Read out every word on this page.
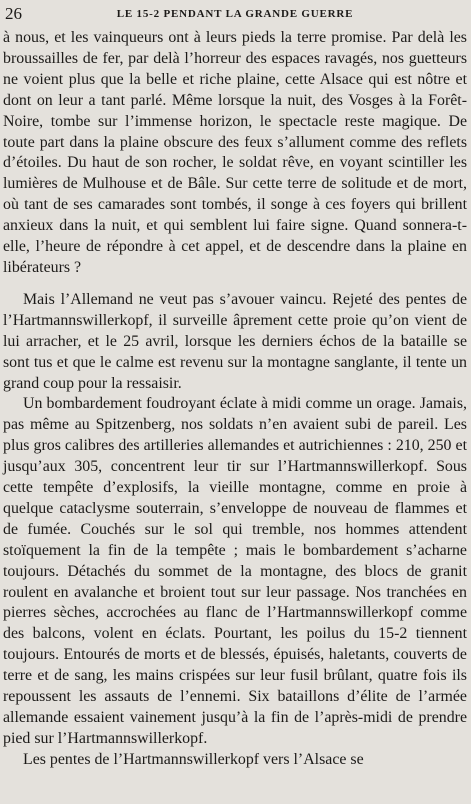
26	LE 15-2 PENDANT LA GRANDE GUERRE

à nous, et les vainqueurs ont à leurs pieds la terre promise. Par delà les broussailles de fer, par delà l’horreur des espaces ravagés, nos guetteurs ne voient plus que la belle et riche plaine, cette Alsace qui est nôtre et dont on leur a tant parlé. Même lorsque la nuit, des Vosges à la Forêt-Noire, tombe sur l’immense horizon, le spectacle reste magique. De toute part dans la plaine obscure des feux s’allument comme des reflets d’étoiles. Du haut de son rocher, le soldat rêve, en voyant scintiller les lumières de Mulhouse et de Bâle. Sur cette terre de solitude et de mort, où tant de ses camarades sont tombés, il songe à ces foyers qui brillent anxieux dans la nuit, et qui semblent lui faire signe. Quand sonnera-t-elle, l’heure de répondre à cet appel, et de descendre dans la plaine en libérateurs ?

Mais l’Allemand ne veut pas s’avouer vaincu. Rejeté des pentes de l’Hartmannswillerkopf, il surveille âprement cette proie qu’on vient de lui arracher, et le 25 avril, lorsque les derniers échos de la bataille se sont tus et que le calme est revenu sur la montagne sanglante, il tente un grand coup pour la ressaisir.

Un bombardement foudroyant éclate à midi comme un orage. Jamais, pas même au Spitzenberg, nos soldats n’en avaient subi de pareil. Les plus gros calibres des artilleries allemandes et autrichiennes : 210, 250 et jusqu’aux 305, concentrent leur tir sur l’Hartmannswillerkopf. Sous cette tempête d’explosifs, la vieille montagne, comme en proie à quelque cataclysme souterrain, s’enveloppe de nouveau de flammes et de fumée. Couchés sur le sol qui tremble, nos hommes attendent stoïquement la fin de la tempête ; mais le bombardement s’acharne toujours. Détachés du sommet de la montagne, des blocs de granit roulent en avalanche et broient tout sur leur passage. Nos tranchées en pierres sèches, accrochées au flanc de l’Hartmannswillerkopf comme des balcons, volent en éclats. Pourtant, les poilus du 15-2 tiennent toujours. Entourés de morts et de blessés, épuisés, haletants, couverts de terre et de sang, les mains crispées sur leur fusil brûlant, quatre fois ils repoussent les assauts de l’ennemi. Six bataillons d’élite de l’armée allemande essaient vainement jusqu’à la fin de l’après-midi de prendre pied sur l’Hartmannswillerkopf.

Les pentes de l’Hartmannswillerkopf vers l’Alsace se
